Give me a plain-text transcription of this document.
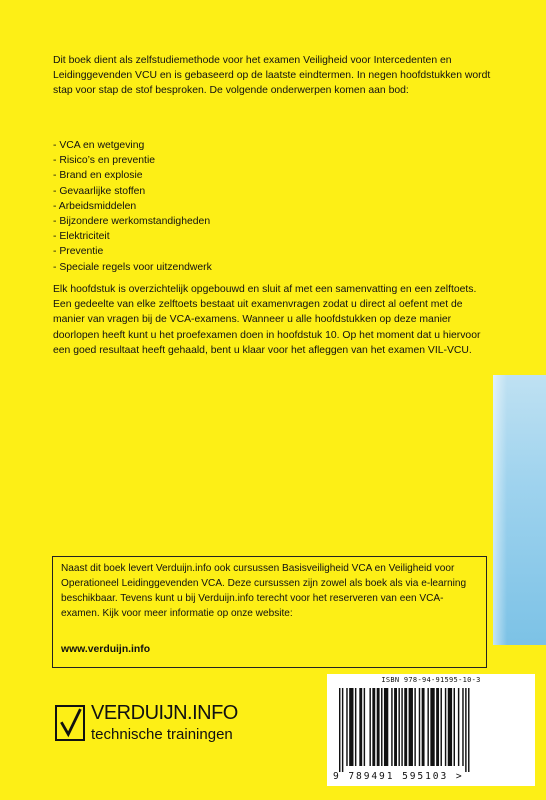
Dit boek dient als zelfstudiemethode voor het examen Veiligheid voor Intercedenten en Leidinggevenden VCU en is gebaseerd op de laatste eindtermen. In negen hoofdstukken wordt stap voor stap de stof besproken. De volgende onderwerpen komen aan bod:
- VCA en wetgeving
- Risico’s en preventie
- Brand en explosie
- Gevaarlijke stoffen
- Arbeidsmiddelen
- Bijzondere werkomstandigheden
- Elektriciteit
- Preventie
- Speciale regels voor uitzendwerk
Elk hoofdstuk is overzichtelijk opgebouwd en sluit af met een samenvatting en een zelftoets. Een gedeelte van elke zelftoets bestaat uit examenvragen zodat u direct al oefent met de manier van vragen bij de VCA-examens. Wanneer u alle hoofdstukken op deze manier doorlopen heeft kunt u het proefexamen doen in hoofdstuk 10. Op het moment dat u hiervoor een goed resultaat heeft gehaald, bent u klaar voor het afleggen van het examen VIL-VCU.
Naast dit boek levert Verduijn.info ook cursussen Basisveiligheid VCA en Veiligheid voor Operationeel Leidinggevenden VCA. Deze cursussen zijn zowel als boek als via e-learning beschikbaar. Tevens kunt u bij Verduijn.info terecht voor het reserveren van een VCA-examen. Kijk voor meer informatie op onze website:
www.verduijn.info
VERDUIJN.INFO
technische trainingen
ISBN 978-94-91595-10-3
9 789491 595103 >
